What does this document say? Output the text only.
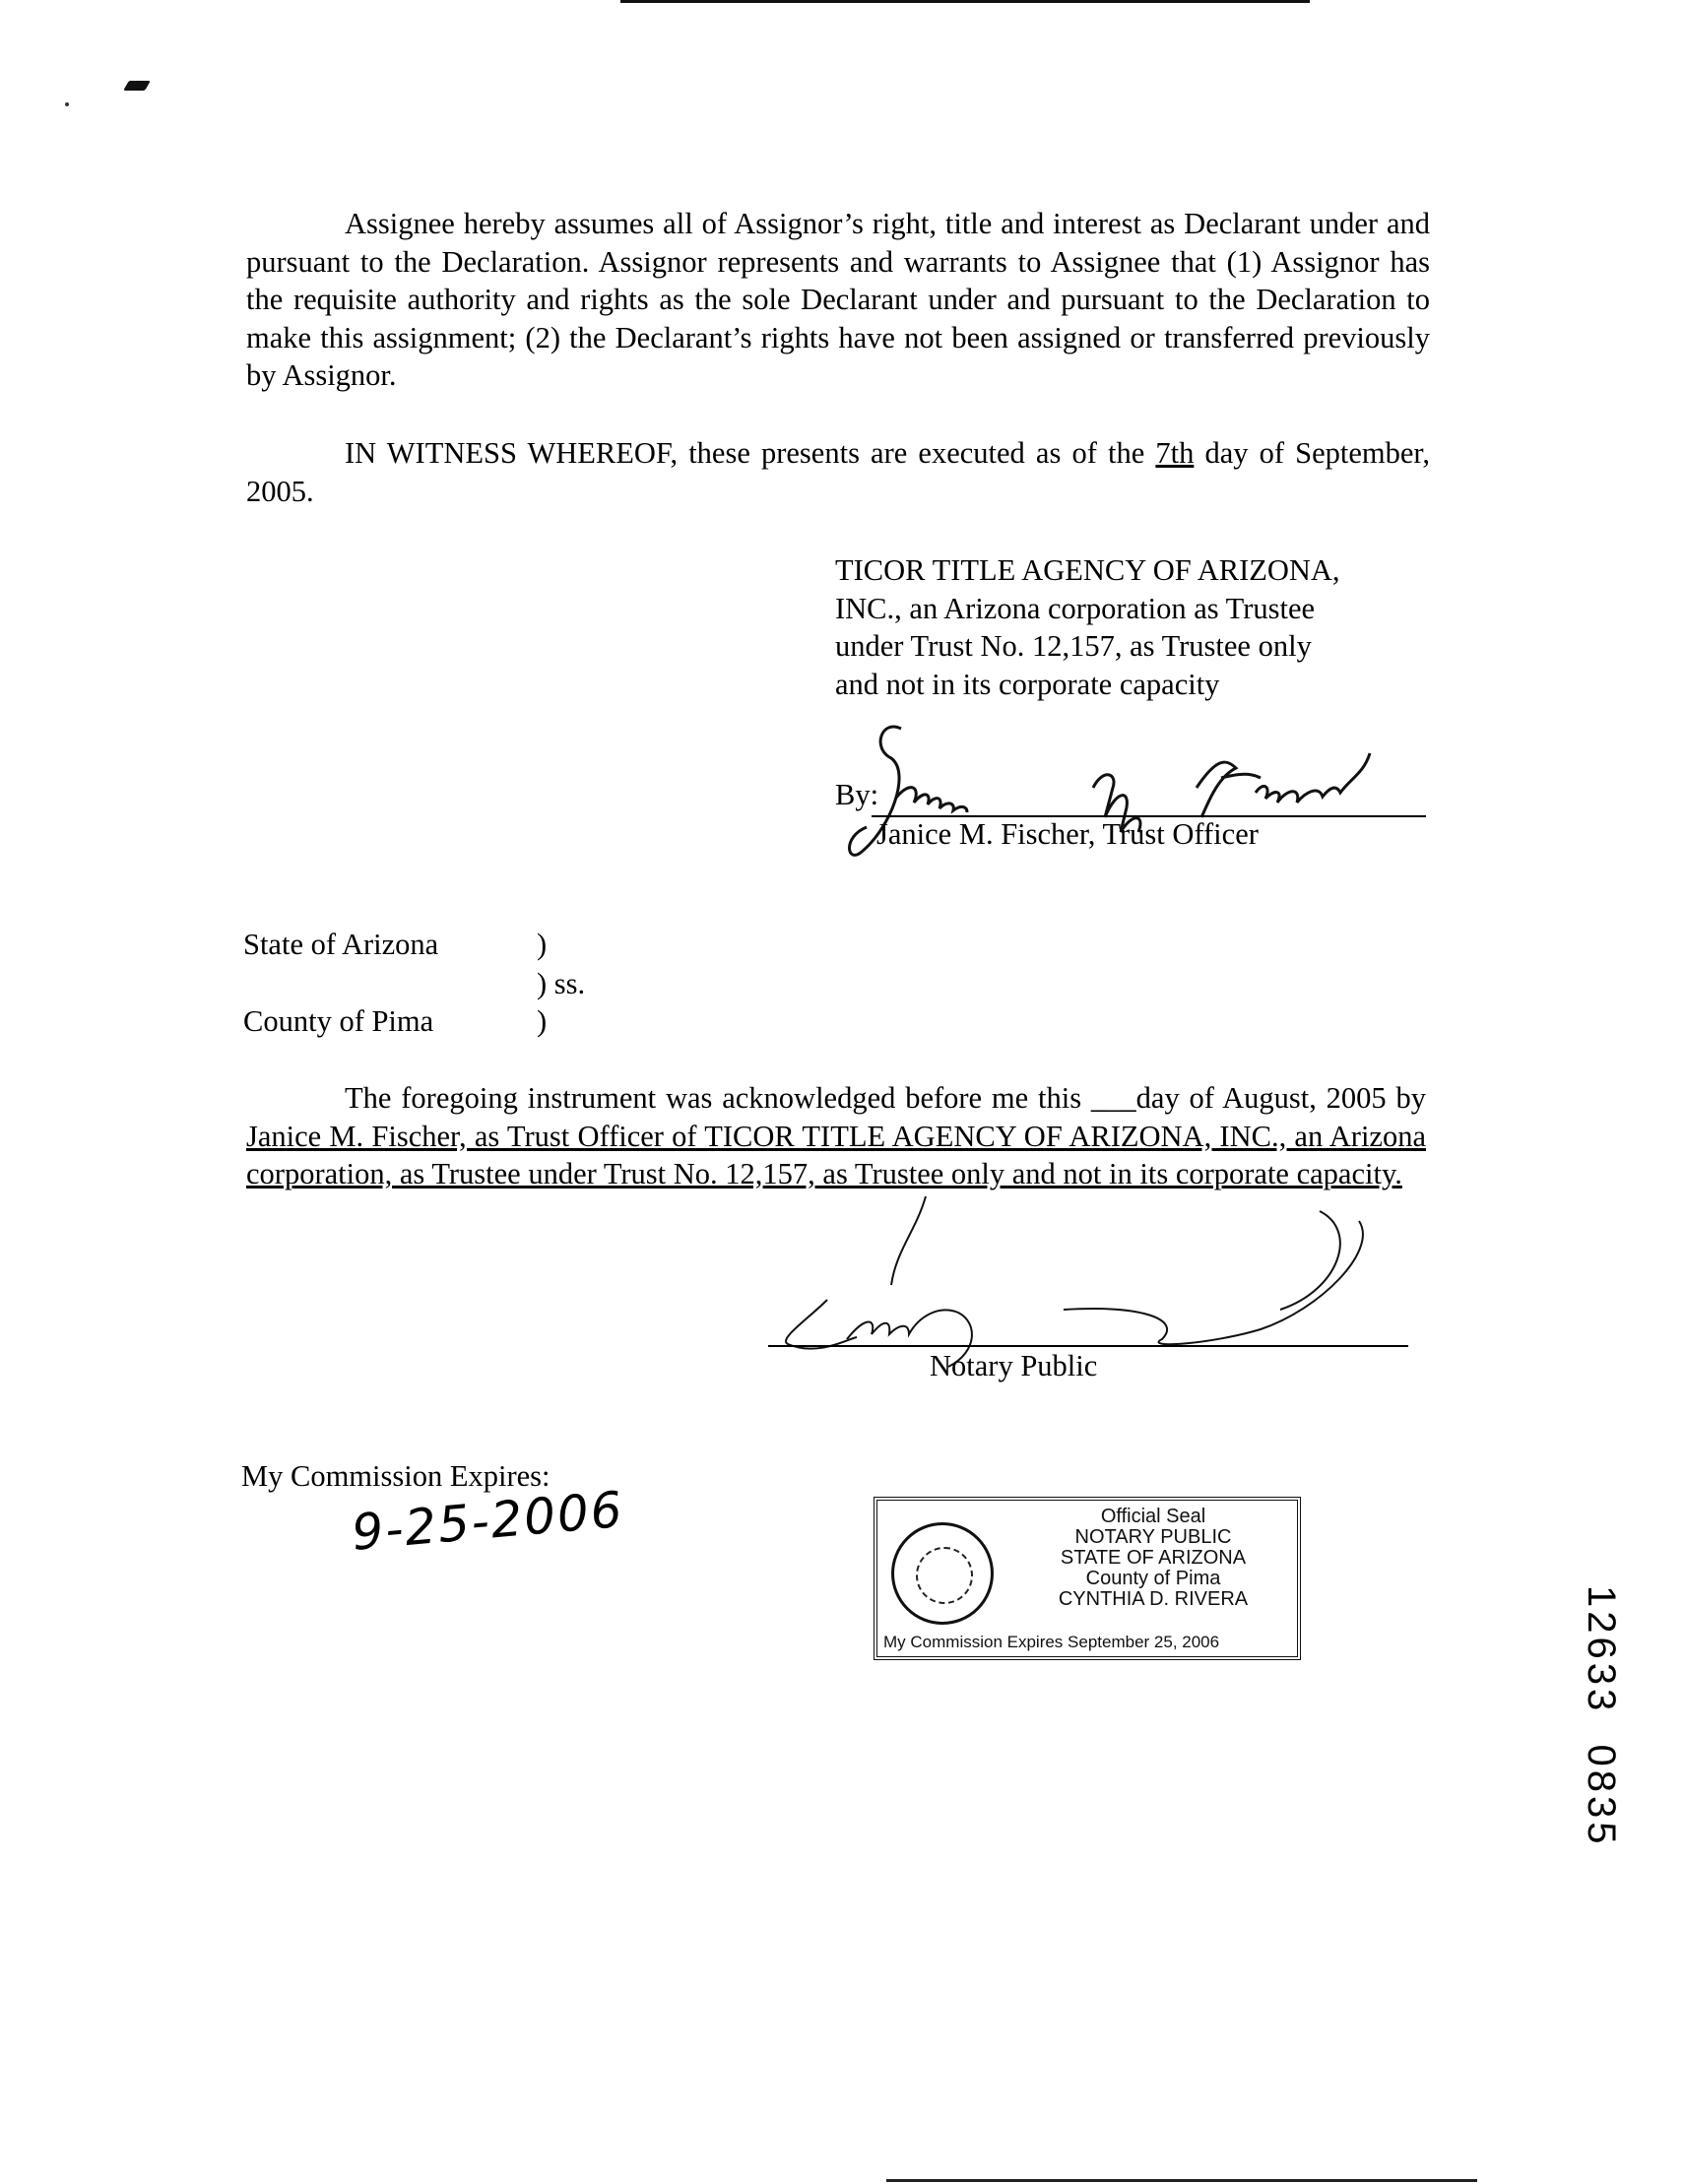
Assignee hereby assumes all of Assignor’s right, title and interest as Declarant under and pursuant to the Declaration. Assignor represents and warrants to Assignee that (1) Assignor has the requisite authority and rights as the sole Declarant under and pursuant to the Declaration to make this assignment; (2) the Declarant’s rights have not been assigned or transferred previously by Assignor.

IN WITNESS WHEREOF, these presents are executed as of the 7th day of September, 2005.

TICOR TITLE AGENCY OF ARIZONA,
INC., an Arizona corporation as Trustee
under Trust No. 12,157, as Trustee only
and not in its corporate capacity
By:
Janice M. Fischer, Trust Officer
State of Arizona	)
) ss.
County of Pima	)

The foregoing instrument was acknowledged before me this ___day of August, 2005 by Janice M. Fischer, as Trust Officer of TICOR TITLE AGENCY OF ARIZONA, INC., an Arizona corporation, as Trustee under Trust No. 12,157, as Trustee only and not in its corporate capacity.

Notary Public
My Commission Expires:
9-25-2006	Official Seal
NOTARY PUBLIC
STATE OF ARIZONA
County of Pima
CYNTHIA D. RIVERA
My Commission Expires September 25, 2006	12633  0835
